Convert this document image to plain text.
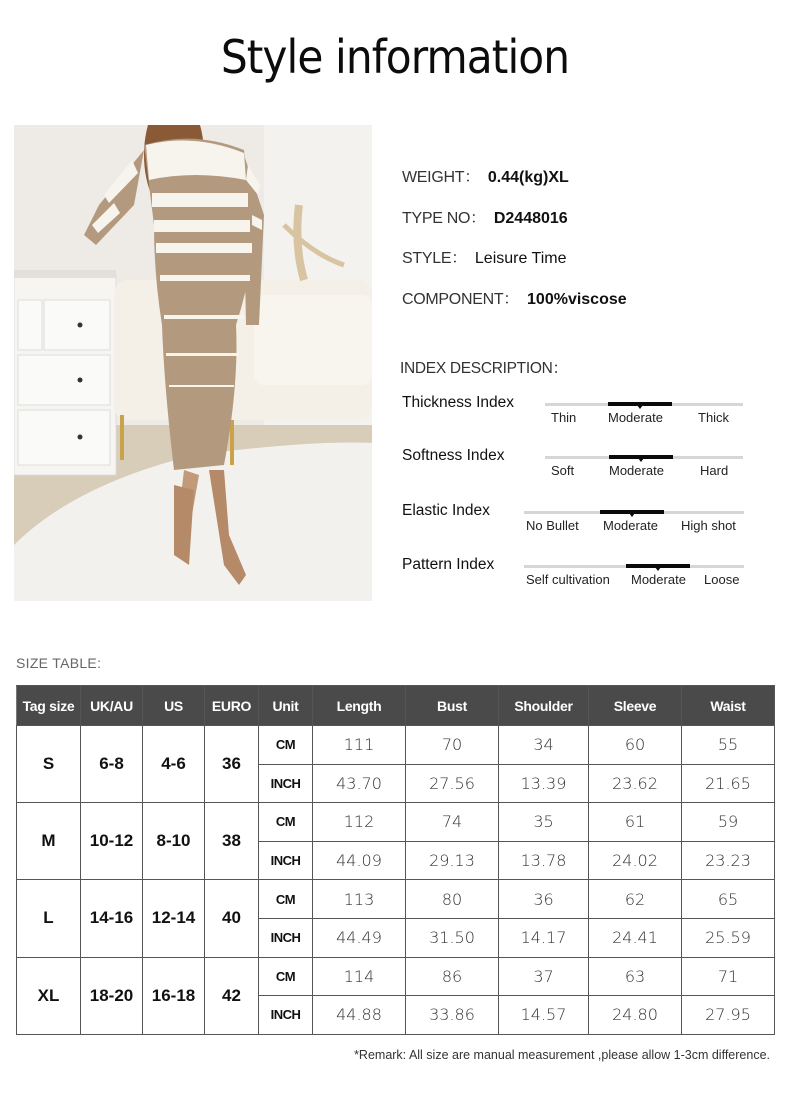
Style information
WEIGHT： 0.44(kg)XL
TYPE NO： D2448016
STYLE： Leisure Time
COMPONENT： 100%viscose
INDEX DESCRIPTION：
Thickness Index
Thin Moderate	Thick
Softness Index
Soft	Moderate	Hard
Elastic Index
No Bullet Moderate High shot
Pattern Index
Self cultivation Moderate Loose
SIZE TABLE:
Tag size	UK/AU	US	EURO	Unit	Length	Bust	Shoulder	Sleeve	Waist
S	6-8	4-6	36	CM	111	70	34	60	55
				INCH	43.70	27.56	13.39	23.62	21.65
M	10-12	8-10	38	CM	112	74	35	61	59
				INCH	44.09	29.13	13.78	24.02	23.23
L	14-16	12-14	40	CM	113	80	36	62	65
				INCH	44.49	31.50	14.17	24.41	25.59
XL	18-20	16-18	42	CM	114	86	37	63	71
				INCH	44.88	33.86	14.57	24.80	27.95
*Remark: All size are manual measurement ,please allow 1-3cm difference.
